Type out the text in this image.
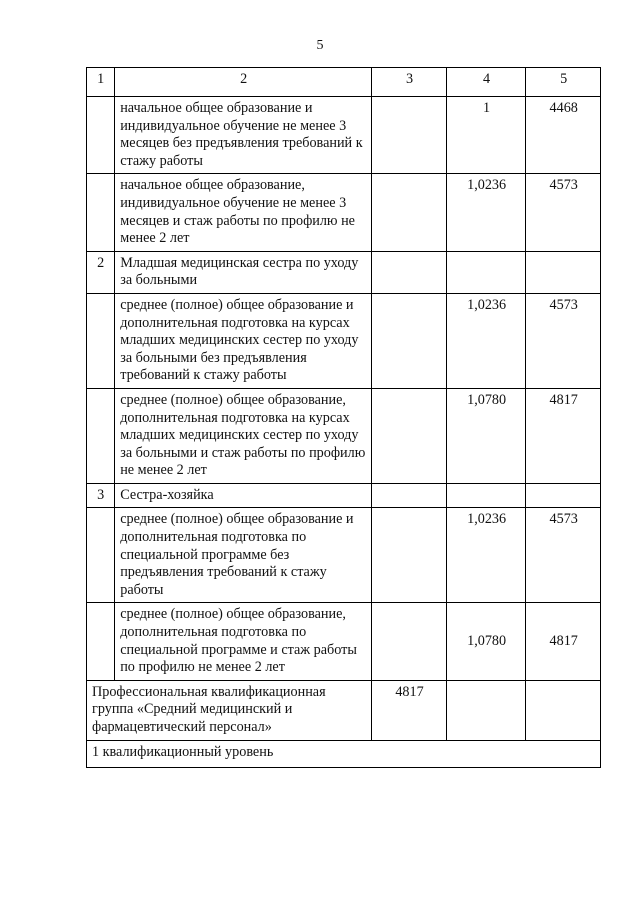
5
1	2	3	4	5
	начальное общее образование и индивидуальное обучение не менее 3 месяцев без предъявления требований к стажу работы		1	4468
	начальное общее образование, индивидуальное обучение не менее 3 месяцев и стаж работы по профилю не менее 2 лет		1,0236	4573
2	Младшая медицинская сестра по уходу за больными			
	среднее (полное) общее образование и дополнительная подготовка на курсах младших медицинских сестер по уходу за больными без предъявления требований к стажу работы		1,0236	4573
	среднее (полное) общее образование, дополнительная подготовка на курсах младших медицинских сестер по уходу за больными и стаж работы по профилю не менее 2 лет		1,0780	4817
3	Сестра-хозяйка			
	среднее (полное) общее образование и дополнительная подготовка по специальной программе без предъявления требований к стажу работы		1,0236	4573
	среднее (полное) общее образование, дополнительная подготовка по специальной программе и стаж работы по профилю не менее 2 лет		1,0780	4817
Профессиональная квалификационная группа «Средний медицинский и фармацевтический персонал»		4817		
1 квалификационный уровень				
